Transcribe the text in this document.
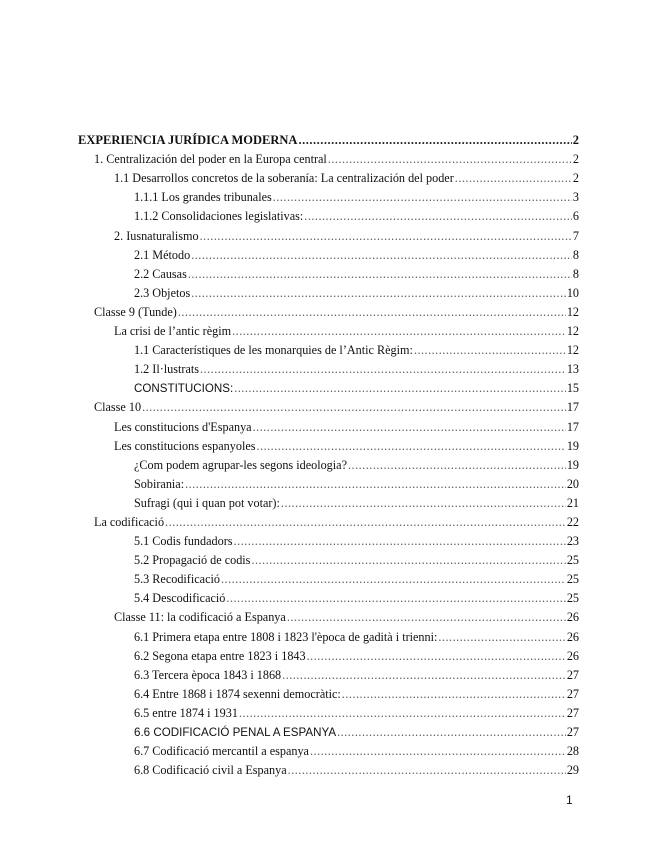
EXPERIENCIA JURÍDICA MODERNA .....	2
1. Centralización del poder en la Europa central .....	2
1.1 Desarrollos concretos de la soberanía: La centralización del poder .....	2
1.1.1 Los grandes tribunales .....	3
1.1.2 Consolidaciones legislativas: .....	6
2. Iusnaturalismo .....	7
2.1 Método .....	8
2.2 Causas .....	8
2.3 Objetos .....	10
Classe 9 (Tunde) .....	12
La crisi de l’antic règim .....	12
1.1 Característiques de les monarquies de l’Antic Règim: .....	12
1.2 Il·lustrats .....	13
CONSTITUCIONS: .....	15
Classe 10 .....	17
Les constitucions d'Espanya .....	17
Les constitucions espanyoles .....	19
¿Com podem agrupar-les segons ideologia? .....	19
Sobirania: .....	20
Sufragi (qui i quan pot votar): .....	21
La codificació .....	22
5.1 Codis fundadors .....	23
5.2 Propagació de codis .....	25
5.3 Recodificació .....	25
5.4 Descodificació .....	25
Classe 11: la codificació a Espanya .....	26
6.1 Primera etapa entre 1808 i 1823 l'època de gadità i trienni: .....	26
6.2 Segona etapa entre 1823 i 1843 .....	26
6.3 Tercera època 1843 i 1868 .....	27
6.4 Entre 1868 i 1874 sexenni democràtic: .....	27
6.5 entre 1874 i 1931 .....	27
6.6 CODIFICACIÓ PENAL A ESPANYA .....	27
6.7 Codificació mercantil a espanya .....	28
6.8 Codificació civil a Espanya .....	29
1
